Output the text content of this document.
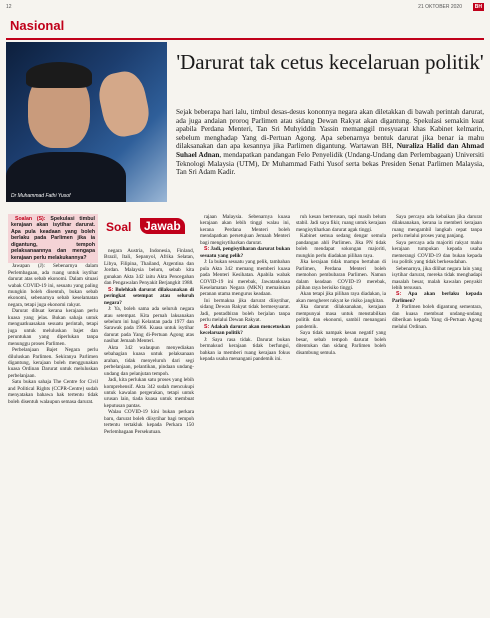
12	21 OKTOBER 2020	BH
Nasional
Dr Muhammad Fathi Yusof
'Darurat tak cetus kecelaruan politik'
Sejak beberapa hari lalu, timbul desas-desus kononnya negara akan diletakkan di bawah perintah darurat, ada juga andaian proroq Parlimen atau sidang Dewan Rakyat akan digantung. Spekulasi semakin kuat apabila Perdana Menteri, Tan Sri Muhyiddin Yassin memanggil mesyuarat khas Kabinet kelmarin, sebelum menghadap Yang di-Pertuan Agong. Apa sebenarnya bentuk darurat jika benar ia mahu dilaksanakan dan apa kesannya jika Parlimen digantung. Wartawan BH, Nuraliza Halid dan Ahmad Suhael Adnan, mendapatkan pandangan Felo Penyelidik (Undang-Undang dan Perlembagaan) Universiti Teknologi Malaysia (UTM), Dr Muhammad Fathi Yusof serta bekas Presiden Senat Parlimen Malaysia, Tan Sri Adam Kadir.

Soalan (S): Spekulasi timbul kerajaan akan isytihar darurat. Apa pula keadaan yang boleh berlaku pada Parlimen jika ia digantung, tempoh pelaksanaannya dan mengapa kerajaan perlu melakukannya?

Jawapan (J): Sebenarnya dalam Perlembagaan, ada ruang untuk isytihar darurat atas sebab ekonomi. Dalam situasi wabak COVID-19 ini, sesuatu yang paling mungkin boleh disentuh, bukan sebab ekonomi, sebenarnya sebab keselamatan negara, tetapi juga ekonomi rakyat.

Darurat dibuat kerana kerajaan perlu kuasa yang jelas. Bukan sahaja untuk menguatkuasakan sesuatu perintah, tetapi juga untuk meluluskan bajet dan peruntukan yang diperlukan tanpa menunggu proses Parlimen.

Perbelanjaan Bajet Negara perlu diluluskan Parlimen. Sekiranya Parlimen digantung, kerajaan boleh menggunakan kuasa Ordinan Darurat untuk meluluskan perbelanjaan.

Satu bukan sahaja The Centre for Civil and Political Rights (CCPR-Centre) sudah menyatakan bahawa hak tertentu tidak boleh disentuh walaupun semasa darurat.

negara Austria, Indonesia, Finland, Brazil, Itali, Sepanyol, Afrika Selatan, Libya, Filipina, Thailand, Argentina dan Jordan. Malaysia belum, sebab kita gunakan Akta 342 iaitu Akta Pencegahan dan Pengawalan Penyakit Berjangkit 1988.

S: Bolehkah darurat dilaksanakan di peringkat setempat atau seluruh negara?

J: Ya, boleh sama ada seluruh negara atau setempat. Kita pernah laksanakan sebelum ini bagi Kelantan pada 1977 dan Sarawak pada 1966. Kuasa untuk isytihar darurat pada Yang di-Pertuan Agong atas nasihat Jemaah Menteri.

Akta 342 walaupun menyediakan sebahagian kuasa untuk pelaksanaan arahan, tidak menyeluruh dari segi perbelanjaan, pelantikan, pindaan undang-undang dan pelanjutan tempoh.

Jadi, kita perlukan satu proses yang lebih komprehensif. Akta 342 sudah mencukupi untuk kawalan pergerakan, tetapi untuk urusan lain, tiada kuasa untuk membuat keputusan pantas.

Walau COVID-19 kini bukan perkara baru, darurat boleh diisytihar bagi tempoh tertentu tertakluk kepada Perkara 150 Perlembagaan Persekutuan.

rajaan Malaysia. Sebenarnya kuasa kerajaan akan lebih tinggi walau ini, kerana Perdana Menteri boleh mendapatkan persetujuan Jemaah Menteri bagi mengisytiharkan darurat.

S: Jadi, pengisytiharan darurat bukan sesuatu yang pelik?

J: Ia bukan sesuatu yang pelik, tambahan pula Akta 342 memang memberi kuasa pada Menteri Kesihatan. Apabila wabak COVID-19 ini merebak, Jawatankuasa Keselamatan Negara (MKN) memainkan peranan utama mengurus keadaan.

Ini bermakna jika darurat diisytihar, sidang Dewan Rakyat tidak bermesyuarat. Jadi, pentadbiran boleh berjalan tanpa perlu melalui Dewan Rakyat.

S: Adakah darurat akan mencetuskan kecelaruan politik?

J: Saya rasa tidak. Darurat bukan bermaksud kerajaan tidak berfungsi, bahkan ia memberi ruang kerajaan fokus kepada usaha menangani pandemik ini.

ruh kesan berterusan, tapi masih belum stabil. Jadi saya fikir, ruang untuk kerajaan mengisytiharkan darurat agak tinggi.

Kabinet semua sedang dengar semula pandangan ahli Parlimen. Jika PN tidak boleh mendapat sokongan majoriti, mungkin perlu diadakan pilihan raya.

Jika kerajaan tidak mampu bertahan di Parlimen, Perdana Menteri boleh memohon pembubaran Parlimen. Namun dalam keadaan COVID-19 merebak, pilihan raya berisiko tinggi.

Akan tetapi jika pilihan raya diadakan, ia akan mengheret rakyat ke risiko jangkitan.

Jika darurat dilaksanakan, kerajaan mempunyai masa untuk menstabilkan politik dan ekonomi, sambil menangani pandemik.

Saya tidak nampak kesan negatif yang besar, sebab tempoh darurat boleh ditentukan dan sidang Parlimen boleh disambung semula.

Saya percaya ada kebaikan jika darurat dilaksanakan, kerana ia memberi kerajaan ruang mengambil langkah cepat tanpa perlu melalui proses yang panjang.

Saya percaya ada majoriti rakyat mahu kerajaan tumpukan kepada usaha memerangi COVID-19 dan bukan kepada isu politik yang tidak berkesudahan.

Sebenarnya, jika dilihat negara lain yang isytihar darurat, mereka tidak menghadapi masalah besar, malah kawalan penyakit lebih tersusun.

S: Apa akan berlaku kepada Parlimen?

J: Parlimen boleh digantung sementara, dan kuasa membuat undang-undang diberikan kepada Yang di-Pertuan Agong melalui Ordinan.

Soal	Jawab
